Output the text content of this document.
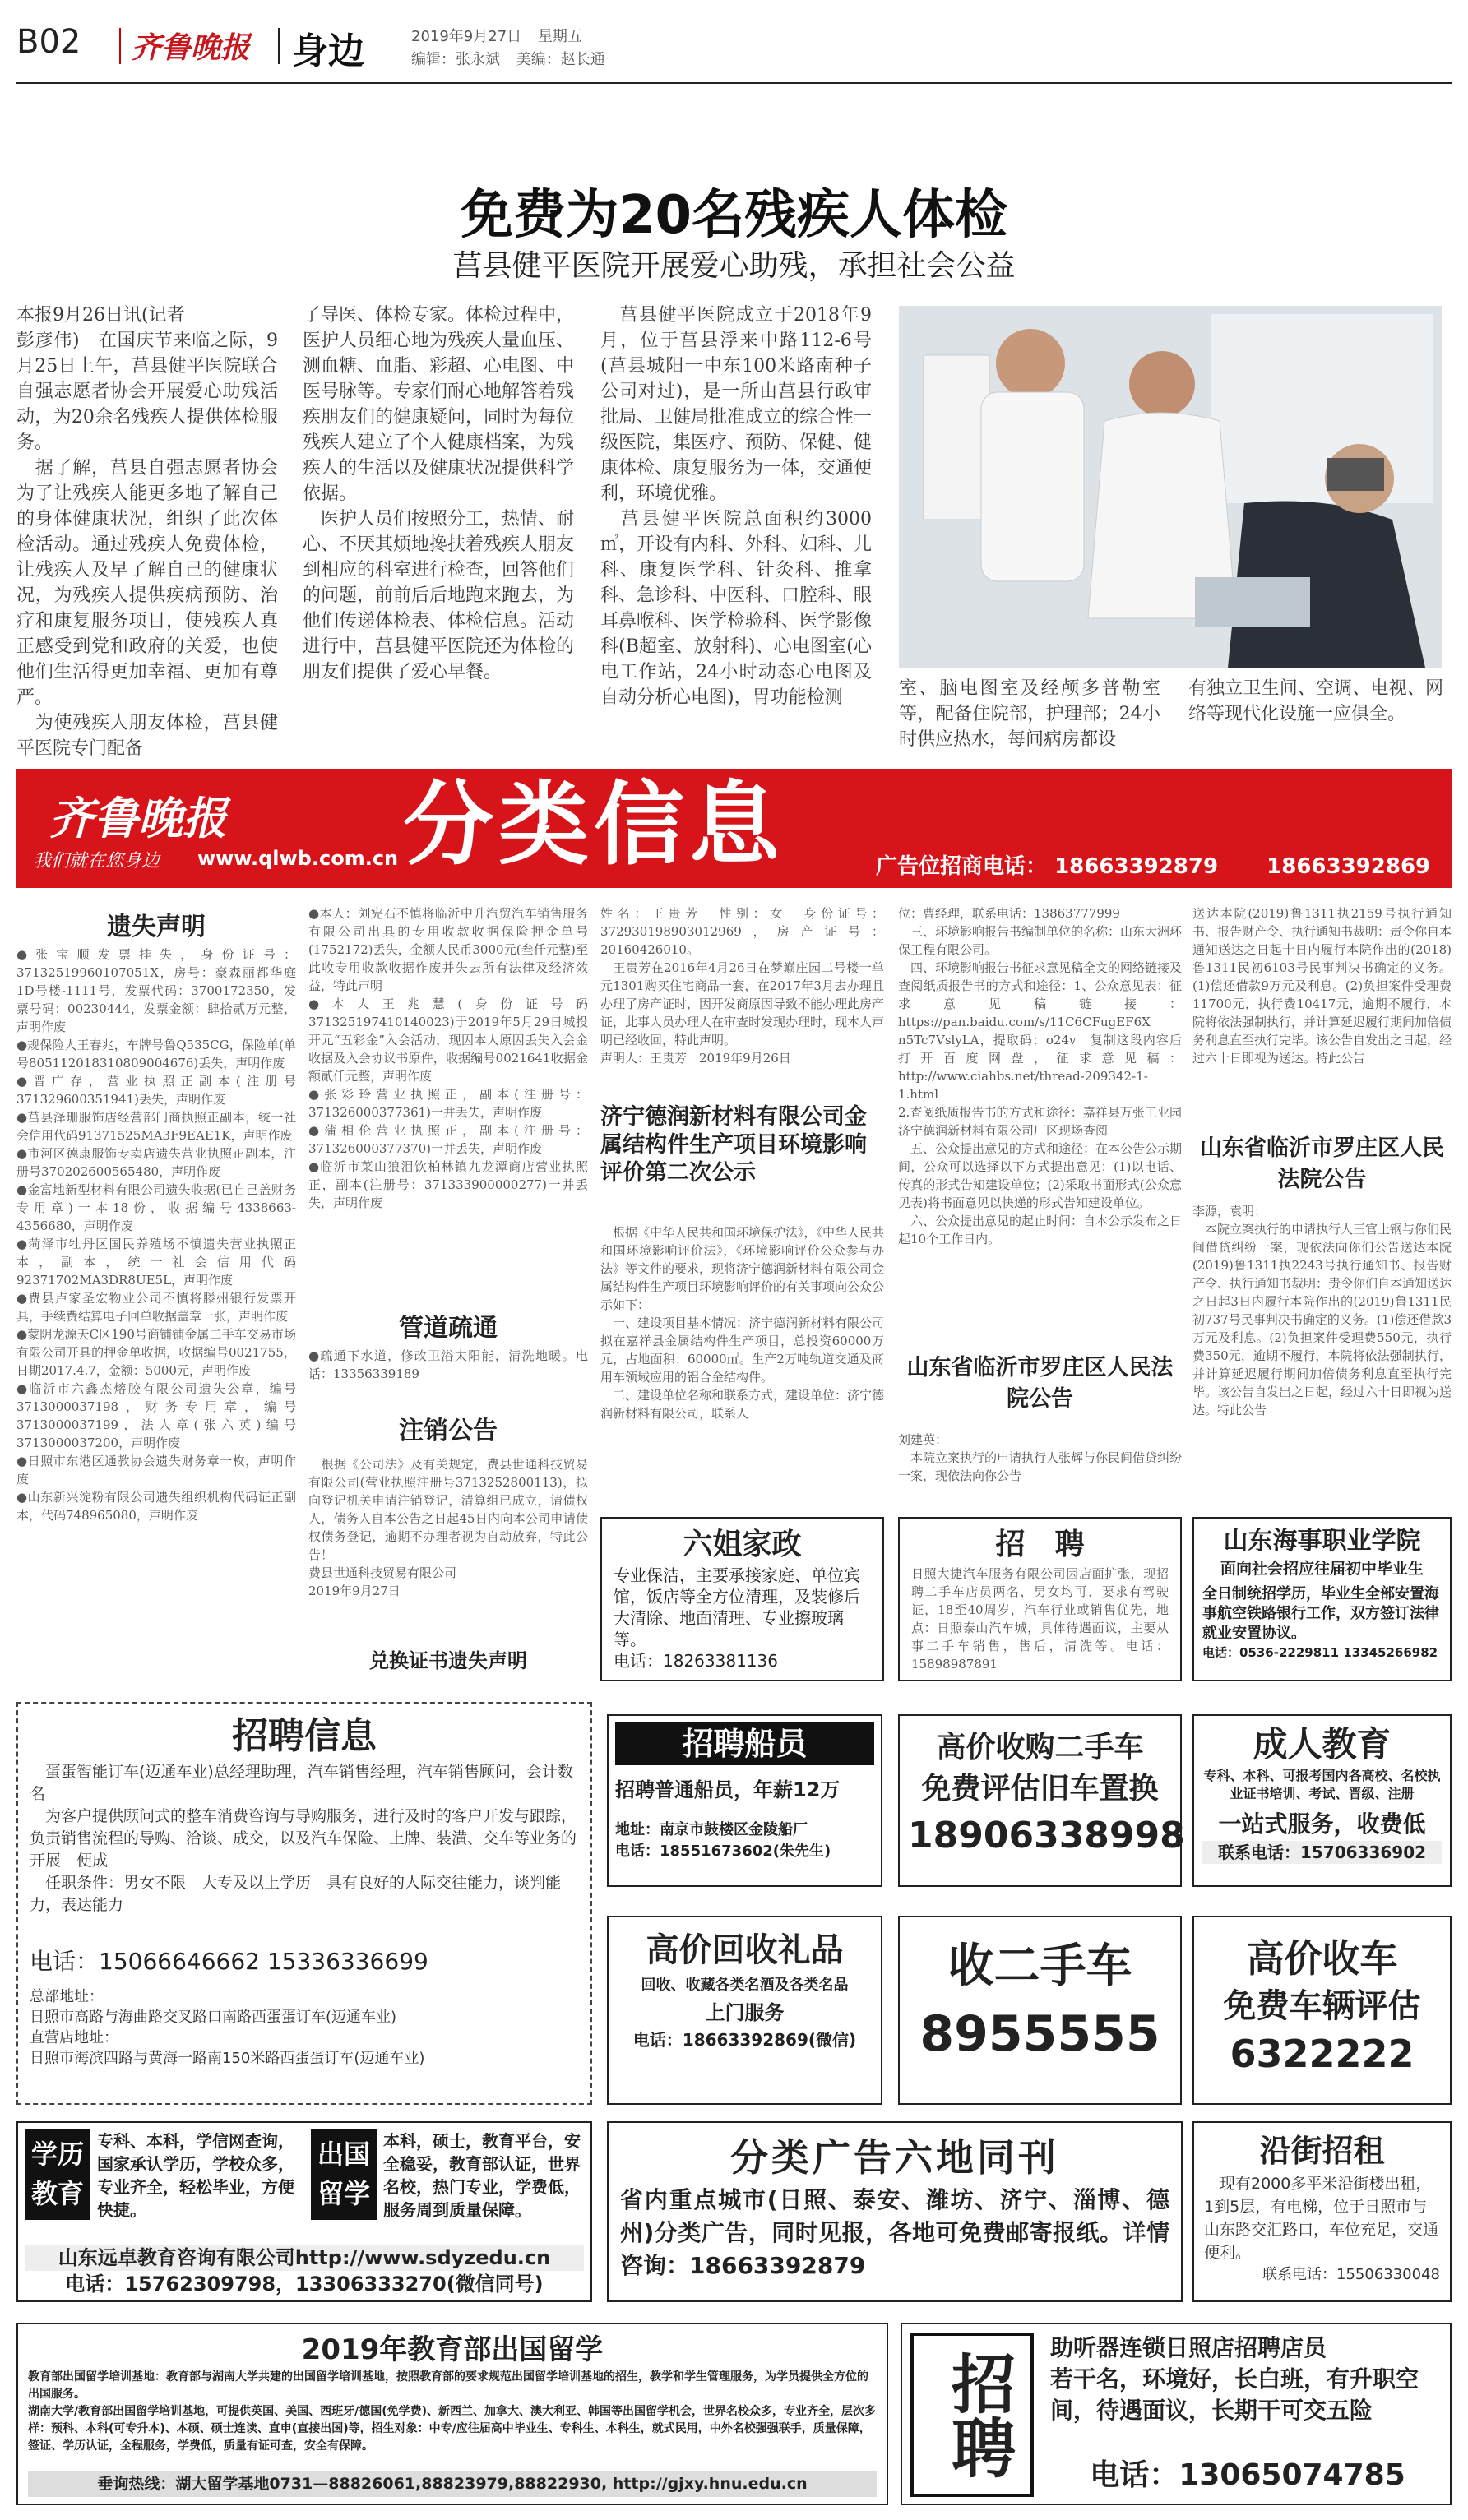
B02 齐鲁晚报 身边	2019年9月27日 星期五
编辑：张永斌 美编：赵长通
免费为20名残疾人体检
莒县健平医院开展爱心助残，承担社会公益
本报9月26日讯(记者
彭彦伟)　在国庆节来临之际，9月25日上午，莒县健平医院联合自强志愿者协会开展爱心助残活动，为20余名残疾人提供体检服务。
　据了解，莒县自强志愿者协会为了让残疾人能更多地了解自己的身体健康状况，组织了此次体检活动。通过残疾人免费体检，让残疾人及早了解自己的健康状况，为残疾人提供疾病预防、治疗和康复服务项目，使残疾人真正感受到党和政府的关爱，也使他们生活得更加幸福、更加有尊严。
　为使残疾人朋友体检，莒县健平医院专门配备
了导医、体检专家。体检过程中，医护人员细心地为残疾人量血压、测血糖、血脂、彩超、心电图、中医号脉等。专家们耐心地解答着残疾朋友们的健康疑问，同时为每位残疾人建立了个人健康档案，为残疾人的生活以及健康状况提供科学依据。
　医护人员们按照分工，热情、耐心、不厌其烦地搀扶着残疾人朋友到相应的科室进行检查，回答他们的问题，前前后后地跑来跑去，为他们传递体检表、体检信息。活动进行中，莒县健平医院还为体检的朋友们提供了爱心早餐。
　莒县健平医院成立于2018年9月，位于莒县浮来中路112-6号(莒县城阳一中东100米路南种子公司对过)，是一所由莒县行政审批局、卫健局批准成立的综合性一级医院，集医疗、预防、保健、健康体检、康复服务为一体，交通便利，环境优雅。
　莒县健平医院总面积约3000㎡，开设有内科、外科、妇科、儿科、康复医学科、针灸科、推拿科、急诊科、中医科、口腔科、眼耳鼻喉科、医学检验科、医学影像科(B超室、放射科)、心电图室(心电工作站，24小时动态心电图及自动分析心电图)，胃功能检测	室、脑电图室及经颅多普勒室等，配备住院部，护理部；24小时供应热水，每间病房都设
有独立卫生间、空调、电视、网络等现代化设施一应俱全。
齐鲁晚报
我们就在您身边 www.qlwb.com.cn 分类信息	广告位招商电话： 18663392879 18663392869
遗失声明
●张宝顺发票挂失，身份证号：371325199601070​51X，房号：豪森丽都华庭1D号楼-1111号，发票代码：370017235​0，发票号码：00230444，发票金额：肆拾贰万元整，声明作废
●规保险人王春兆，车牌号鲁Q535CG，保险单(单号805112018310809004676)丢失，声明作废
●晋广存，营业执照正副本(注册号371329600351941)丢失，声明作废
●莒县泽珊服饰店经营部门商执照正副本，统一社会信用代码91371525MA3F9EAE1K，声明作废
●市河区德康服饰专卖店遗失营业执照正副本，注册号370202600565480，声明作废
●金富地新型材料有限公司遗失收据(已自己盖财务专用章)一本18份，收据编号4338663-4356680，声明作废
●菏泽市牡丹区国民养殖场不慎遗失营业执照正本，副本，统一社会信用代码92371702MA3DR8UE5L，声明作废
●费县卢家圣宏物业公司不慎将滕州银行发票开具，手续费结算电子回单收据盖章一张，声明作废
●蒙阴龙源天C区190号商铺铺金属二手车交易市场有限公司开具的押金单收据，收据编号0021755，日期2017.4.7，金额：5000元，声明作废
●临沂市六鑫杰熔胶有限公司遗失公章，编号3713000037198，财务专用章，编号3713000037199，法人章(张六英)编号3713000037200，声明作废
●日照市东港区通教协会遗失财务章一枚，声明作废
●山东新兴淀粉有限公司遗失组织机构代码证正副本，代码748965080，声明作废
●本人：刘宪石不慎将临沂中升汽贸汽车销售服务有限公司出具的专用收款收据保险押金单号(1752172)丢失，金额人民币3000元(叁仟元整)至此收专用收款收据作废并失去所有法律及经济效益，特此声明
●本人王兆慧(身份证号码371325197410140023)于2019年5月29日城投开元“五彩金”入会活动，现因本人原因丢失入会金收据及入会协议书原件，收据编号0021641收据金额贰仟元整，声明作废
●张彩玲营业执照正，副本(注册号：371326000377361)一并丢失，声明作废
●蒲相伦营业执照正，副本(注册号：371326000377370)一并丢失，声明作废
●临沂市菜山狼泪饮柏林镇九龙潭商店营业执照正，副本(注册号：371333900000277)一并丢失，声明作废
管道疏通
●疏通下水道，修改卫浴太阳能，清洗地暖。电话：13356339189
注销公告
　根据《公司法》及有关规定，费县世通科技贸易有限公司(营业执照注册号37132528001​13)，拟向登记机关申请注销登记，清算组已成立，请债权人，债务人自本公告之日起45日内向本公司申请债权债务登记，逾期不办理者视为自动放弃，特此公告！
费县世通科技贸易有限公司
2019年9月27日
兑换证书遗失声明
姓名：王贵芳　性别：女　身份证号：372930198903012969，房产证号：20160426010。
　王贵芳在2016年4月26日在梦巅庄园二号楼一单元1301购买住宅商品一套，在2017年3月去办理且办理了房产证时，因开发商原因导致不能办理此房产证，此事人员办理人在审查时发现办理时，现本人声明已经收回，特此声明。
声明人：王贵芳　2019年9月26日
济宁德润新材料有限公司金属结构件生产项目环境影响评价第二次公示
　根据《中华人民共和国环境保护法》，《中华人民共和国环境影响评价法》，《环境影响评价公众参与办法》等文件的要求，现将济宁德润新材料有限公司金属结构件生产项目环境影响评价的有关事项向公众公示如下：
　一、建设项目基本情况：济宁德润新材料有限公司拟在嘉祥县金属结构件生产项目，总投资600​00万元，占地面积：60000㎡。生产2万吨轨道交通及商用车领域应用的铝合金结构件。
　二、建设单位名称和联系方式，建设单位：济宁德润新材料有限公司，联系人
位：曹经理，联系电话：13863777999
　三、环境影响报告书编制单位的名称：山东大洲环保工程有限公司。
　四、环境影响报告书征求意见稿全文的网络链接及查阅纸质报告书的方式和途径：1、公众意见表：征求意见稿链接：https://pan.baidu.com/s/11C6CFugEF6X n5Tc7VslyLA，提取码：o24v　复制这段内容后打开百度网盘，征求意见稿：http://www.ciahbs.net/thread-209342-1-1.html
2.查阅纸质报告书的方式和途径：嘉祥县万张工业园济宁德润新材料有限公司厂区现场查阅
　五、公众提出意见的方式和途径：在本公告公示期间，公众可以选择以下方式提出意见：(1)以电话、传真的形式告知建设单位；(2)采取书面形式(公众意见表)将书面意见以快递的形式告知建设单位。
　六、公众提出意见的起止时间：自本公示发布之日起10个工作日内。
山东省临沂市罗庄区人民法院公告
刘建英：
　本院立案执行的申请执行人张辉与你民间借贷纠纷一案，现依法向你公告
送达本院(2019)鲁1311执2159号执行通知书、报告财产令、执行通知书裁明：责令你自本通知送达之日起十日内履行本院作出的(2018)鲁1311民初6103号民事判决书确定的义务。(1)偿还借款9万元及利息。(2)负担案件受理费11700元，执行费10417元，逾期不履行，本院将依法强制执行，并计算延迟履行期间加倍债务利息直至执行完毕。该公告自发出之日起，经过六十日即视为送达。特此公告
山东省临沂市罗庄区人民法院公告
李源，袁明：
　本院立案执行的申请执行人王官土钢与你们民间借贷纠纷一案，现依法向你们公告送达本院(2019)鲁1311执2243号执行通知书、报告财产令、执行通知书裁明：责令你们自本通知送达之日起3日内履行本院作出的(2019)鲁1311民初737号民事判决书确定的义务。(1)偿还借款3万元及利息。(2)负担案件受理费550元，执行费350元，逾期不履行，本院将依法强制执行，并计算延迟履行期间加倍债务利息直至执行完毕。该公告自发出之日起，经过六十日即视为送达。特此公告
六姐家政
专业保洁，主要承接家庭、单位宾馆，饭店等全方位清理，及装修后大清除、地面清理、专业擦玻璃等。
电话：18263381136
招　聘
日照大捷汽车服务有限公司因店面扩张，现招聘二手车店员两名，男女均可，要求有驾驶证，18至40周岁，汽车行业或销售优先，地点：日照泰山汽车城，具体待遇面议，主要从事二手车销售，售后，清洗等。电话：15898987891
山东海事职业学院
面向社会招应往届初中毕业生
全日制统招学历，毕业生全部安置海事航空铁路银行工作，双方签订法律就业安置协议。
电话：0536-2229811 13345266982
招聘信息
　蛋蛋智能订车(迈通车业)总经理助理，汽车销售经理，汽车销售顾问，会计数名
　为客户提供顾问式的整车消费咨询与导购服务，进行及时的客户开发与跟踪，负责销售流程的导购、洽谈、成交，以及汽车保险、上牌、装潢、交车等业务的开展　便成
　任职条件：男女不限　大专及以上学历　具有良好的人际交往能力，谈判能力，表达能力
电话：15066646662 15336336699
总部地址：
日照市高路与海曲路交叉路口南路西蛋蛋订车(迈通车业)
直营店地址：
日照市海滨四路与黄海一路南150米路西蛋蛋订车(迈通车业)
招聘船员
招聘普通船员，年薪12万
地址：南京市鼓楼区金陵船厂
电话：18551673602(朱先生)
高价收购二手车
免费评估旧车置换
18906338998
成人教育
专科、本科、可报考国内各高校、名校执业证书培训、考试、晋级、注册
一站式服务，收费低
联系电话：15706336902
高价回收礼品
回收、收藏各类名酒及各类名品
上门服务
电话：18663392869(微信)
收二手车
8955555
高价收车
免费车辆评估
6322222
学历
教育
专科、本科，学信网查询，国家承认学历，学校众多，专业齐全，轻松毕业，方便快捷。
出国
留学
本科，硕士，教育平台，安全稳妥，教育部认证，世界名校，热门专业，学费低，服务周到质量保障。
山东远卓教育咨询有限公司http://www.sdyzedu.cn
电话：15762309798，13306333270(微信同号)
分类广告六地同刊
省内重点城市(日照、泰安、潍坊、济宁、淄博、德州)分类广告，同时见报，各地可免费邮寄报纸。详情咨询：18663392879
沿街招租
　现有2000多平米沿街楼出租，1到5层，有电梯，位于日照市与山东路交汇路口，车位充足，交通便利。
联系电话：15506330048
2019年教育部出国留学
教育部出国留学培训基地：教育部与湖南大学共建的出国留学培训基地，按照教育部的要求规范出国留学培训基地的招生，教学和学生管理服务，为学员提供全方位的出国服务。
湖南大学/教育部出国留学培训基地，可提供英国、美国、西班牙/德国(免学费)、新西兰、加拿大、澳大利亚、韩国等出国留学机会，世界名校众多，专业齐全，层次多样：预科、本科(可专升本)、本硕、硕士连读、直申(直接出国)等，招生对象：中专/应往届高中毕业生、专科生、本科生，就式民用，中外名校强强联手，质量保障，签证、学历认证，全程服务，学费低，质量有证可查，安全有保障。
垂询热线：湖大留学基地0731—88826061,88823979,88822930, http://gjxy.hnu.edu.cn
招聘
助听器连锁日照店招聘店员
若干名，环境好，长白班，有升职空间，待遇面议，长期干可交五险
电话：13065074785
